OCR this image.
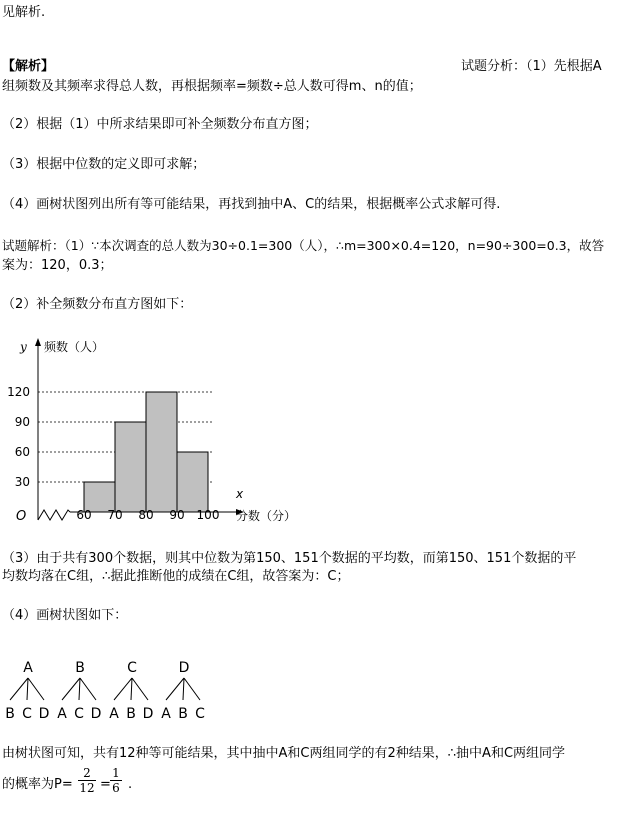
见解析.
【解析】	试题分析：（1）先根据A
组频数及其频率求得总人数，再根据频率=频数÷总人数可得m、n的值；
（2）根据（1）中所求结果即可补全频数分布直方图；
（3）根据中位数的定义即可求解；
（4）画树状图列出所有等可能结果，再找到抽中A、C的结果，根据概率公式求解可得.
试题解析：（1）∵本次调查的总人数为30÷0.1=300（人），∴m=300×0.4=120，n=90÷300=0.3，故答
案为：120，0.3；
（2）补全频数分布直方图如下：
y 频数（人）
x
分数（分）
O
30
60
90
120
60 70 80 90 100
（3）由于共有300个数据，则其中位数为第150、151个数据的平均数，而第150、151个数据的平
均数均落在C组，∴据此推断他的成绩在C组，故答案为：C；
（4）画树状图如下：
A
B C D
B
A C D
C
A B D
D
A B C
由树状图可知，共有12种等可能结果，其中抽中A和C两组同学的有2种结果，∴抽中A和C两组同学
的概率为P=
2
12 =
1
6 .
